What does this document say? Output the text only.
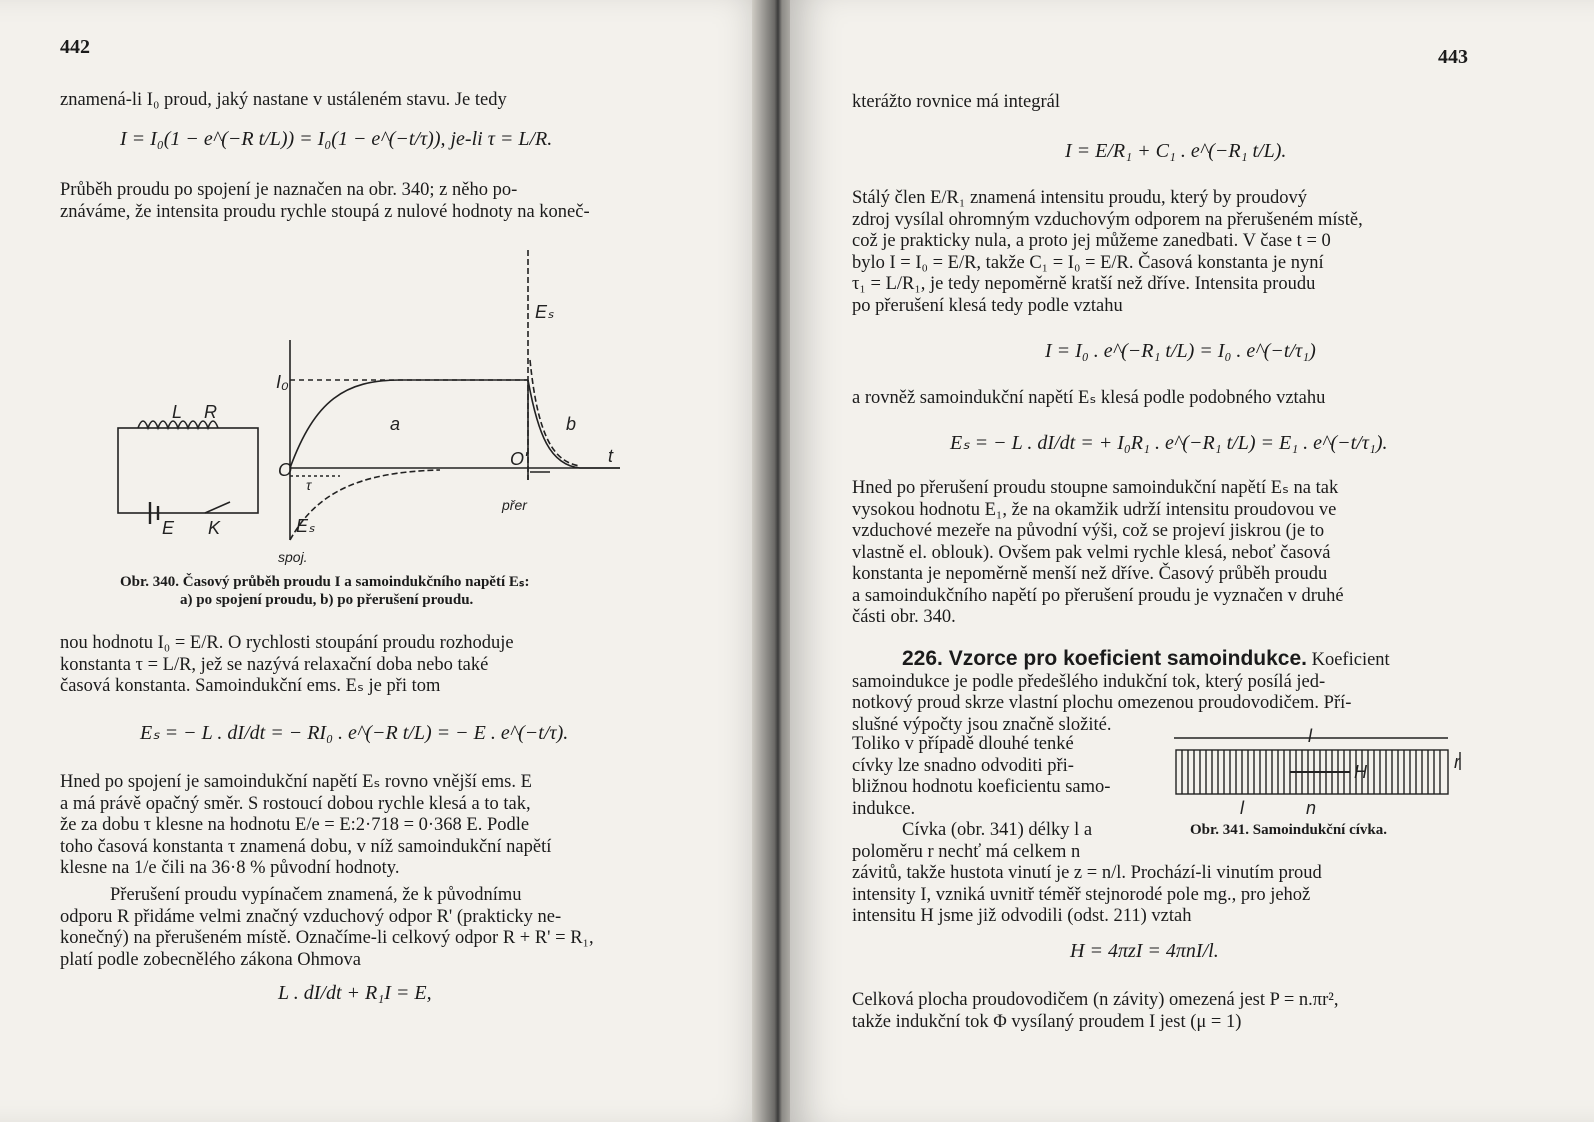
442

znamená-li I₀ proud, jaký nastane v ustáleném stavu. Je tedy

I = I₀(1 − e^(−R t/L)) = I₀(1 − e^(−t/τ)), je-li τ = L/R.

Průběh proudu po spojení je naznačen na obr. 340; z něho po-
znáváme, že intensita proudu rychle stoupá z nulové hodnoty na koneč-

Eₛ
I₀
L R
a	b
O
O'	t
τ
E K	Eₛ
spoj.
přer
Obr. 340. Časový průběh proudu I a samoindukčního napětí Eₛ:
a) po spojení proudu, b) po přerušení proudu.

nou hodnotu I₀ = E/R. O rychlosti stoupání proudu rozhoduje
konstanta τ = L/R, jež se nazývá relaxační doba nebo také
časová konstanta. Samoindukční ems. Eₛ je při tom

Eₛ = − L . dI/dt = − RI₀ . e^(−R t/L) = − E . e^(−t/τ).

Hned po spojení je samoindukční napětí Eₛ rovno vnější ems. E
a má právě opačný směr. S rostoucí dobou rychle klesá a to tak,
že za dobu τ klesne na hodnotu E/e = E:2·718 = 0·368 E. Podle
toho časová konstanta τ znamená dobu, v níž samoindukční napětí
klesne na 1/e čili na 36·8 % původní hodnoty.

Přerušení proudu vypínačem znamená, že k původnímu
odporu R přidáme velmi značný vzduchový odpor R' (prakticky ne-
konečný) na přerušeném místě. Označíme-li celkový odpor R + R' = R₁,
platí podle zobecnělého zákona Ohmova

L . dI/dt + R₁I = E,
443

kterážto rovnice má integrál

I = E/R₁ + C₁ . e^(−R₁ t/L).

Stálý člen E/R₁ znamená intensitu proudu, který by proudový
zdroj vysílal ohromným vzduchovým odporem na přerušeném místě,
což je prakticky nula, a proto jej můžeme zanedbati. V čase t = 0
bylo I = I₀ = E/R, takže C₁ = I₀ = E/R. Časová konstanta je nyní
τ₁ = L/R₁, je tedy nepoměrně kratší než dříve. Intensita proudu
po přerušení klesá tedy podle vztahu

I = I₀ . e^(−R₁ t/L) = I₀ . e^(−t/τ₁)

a rovněž samoindukční napětí Eₛ klesá podle podobného vztahu

Eₛ = − L . dI/dt = + I₀R₁ . e^(−R₁ t/L) = E₁ . e^(−t/τ₁).

Hned po přerušení proudu stoupne samoindukční napětí Eₛ na tak
vysokou hodnotu E₁, že na okamžik udrží intensitu proudovou ve
vzduchové mezeře na původní výši, což se projeví jiskrou (je to
vlastně el. oblouk). Ovšem pak velmi rychle klesá, neboť časová
konstanta je nepoměrně menší než dříve. Časový průběh proudu
a samoindukčního napětí po přerušení proudu je vyznačen v druhé
části obr. 340.

226. Vzorce pro koeficient samoindukce. Koeficient
samoindukce je podle předešlého indukční tok, který posílá jed-
notkový proud skrze vlastní plochu omezenou proudovodičem. Pří-
slušné výpočty jsou značně složité.

Toliko v případě dlouhé tenké
cívky lze snadno odvoditi při-
bližnou hodnotu koeficientu samo-
indukce.

Cívka (obr. 341) délky l a
poloměru r nechť má celkem n

l
H	r
l	n
Obr. 341. Samoindukční cívka.

závitů, takže hustota vinutí je z = n/l. Prochází-li vinutím proud
intensity I, vzniká uvnitř téměř stejnorodé pole mg., pro jehož
intensitu H jsme již odvodili (odst. 211) vztah

H = 4πzI = 4πnI/l.

Celková plocha proudovodičem (n závity) omezená jest P = n.πr²,
takže indukční tok Φ vysílaný proudem I jest (μ = 1)
